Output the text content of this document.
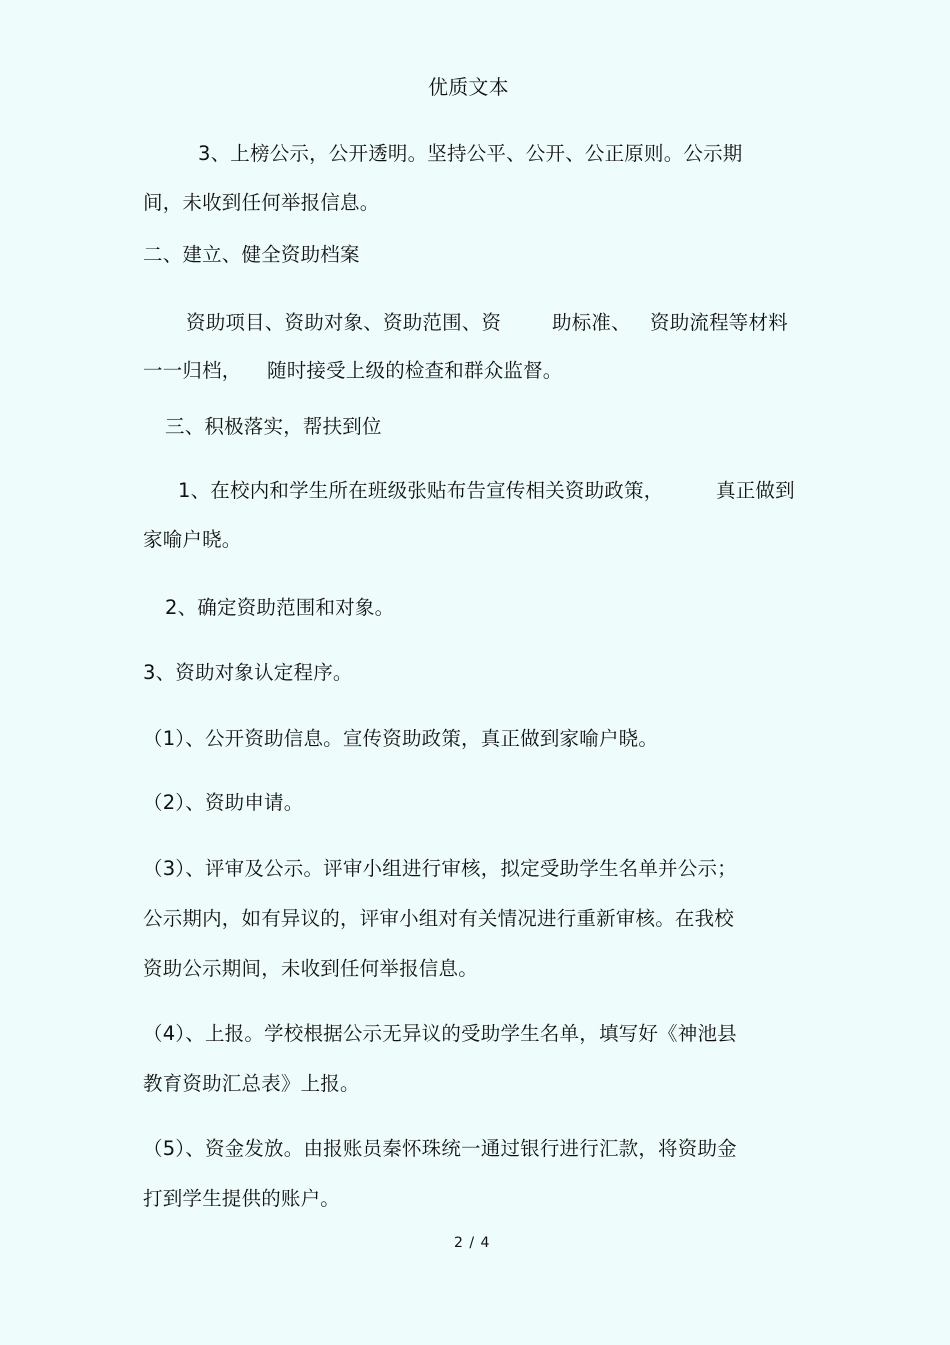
优质文本
3、上榜公示，公开透明。坚持公平、公开、公正原则。公示期
间，未收到任何举报信息。
二、建立、健全资助档案
资助项目、资助对象、资助范围、资	助标准、 资助流程等材料
一一归档， 随时接受上级的检查和群众监督。
三、积极落实，帮扶到位
1、在校内和学生所在班级张贴布告宣传相关资助政策，	真正做到
家喻户晓。
2、确定资助范围和对象。
3、资助对象认定程序。
（1）、公开资助信息。宣传资助政策，真正做到家喻户晓。
（2）、资助申请。
（3）、评审及公示。评审小组进行审核，拟定受助学生名单并公示；
公示期内，如有异议的，评审小组对有关情况进行重新审核。在我校
资助公示期间，未收到任何举报信息。
（4）、上报。学校根据公示无异议的受助学生名单，填写好《神池县
教育资助汇总表》上报。
（5）、资金发放。由报账员秦怀珠统一通过银行进行汇款，将资助金
打到学生提供的账户。
2 / 4
